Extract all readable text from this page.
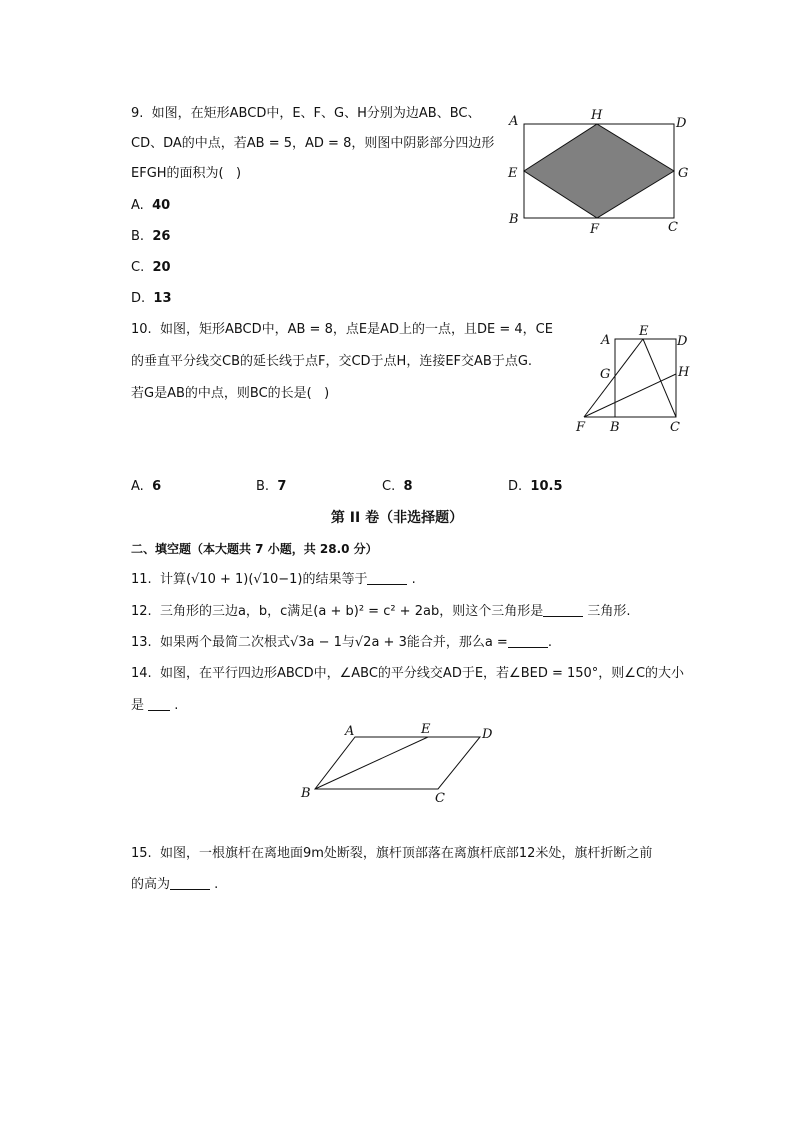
9.  如图，在矩形ABCD中，E、F、G、H分别为边AB、BC、
CD、DA的中点，若AB = 5，AD = 8，则图中阴影部分四边形
EFGH的面积为(   )
A. 40
B. 26
C. 20
D. 13
A	H
D
E	G
B
F	C
10.  如图，矩形ABCD中，AB = 8，点E是AD上的一点，且DE = 4，CE
的垂直平分线交CB的延长线于点F，交CD于点H，连接EF交AB于点G.
若G是AB的中点，则BC的长是(   )
A
E
D
G	H
F B	C
A. 6	B. 7	C. 8	D. 10.5
第 II 卷（非选择题）
二、填空题（本大题共 7 小题，共 28.0 分）
11.  计算(√10 + 1)(√10−1)的结果等于	.
12.  三角形的三边a，b，c满足(a + b)² = c² + 2ab，则这个三角形是	三角形.
13.  如果两个最简二次根式√3a − 1与√2a + 3能合并，那么a =	.
14.  如图，在平行四边形ABCD中，∠ABC的平分线交AD于E，若∠BED = 150°，则∠C的大小
是  .
A	E	D
B	C
15.  如图，一根旗杆在离地面9m处断裂，旗杆顶部落在离旗杆底部12米处，旗杆折断之前
的高为	.
